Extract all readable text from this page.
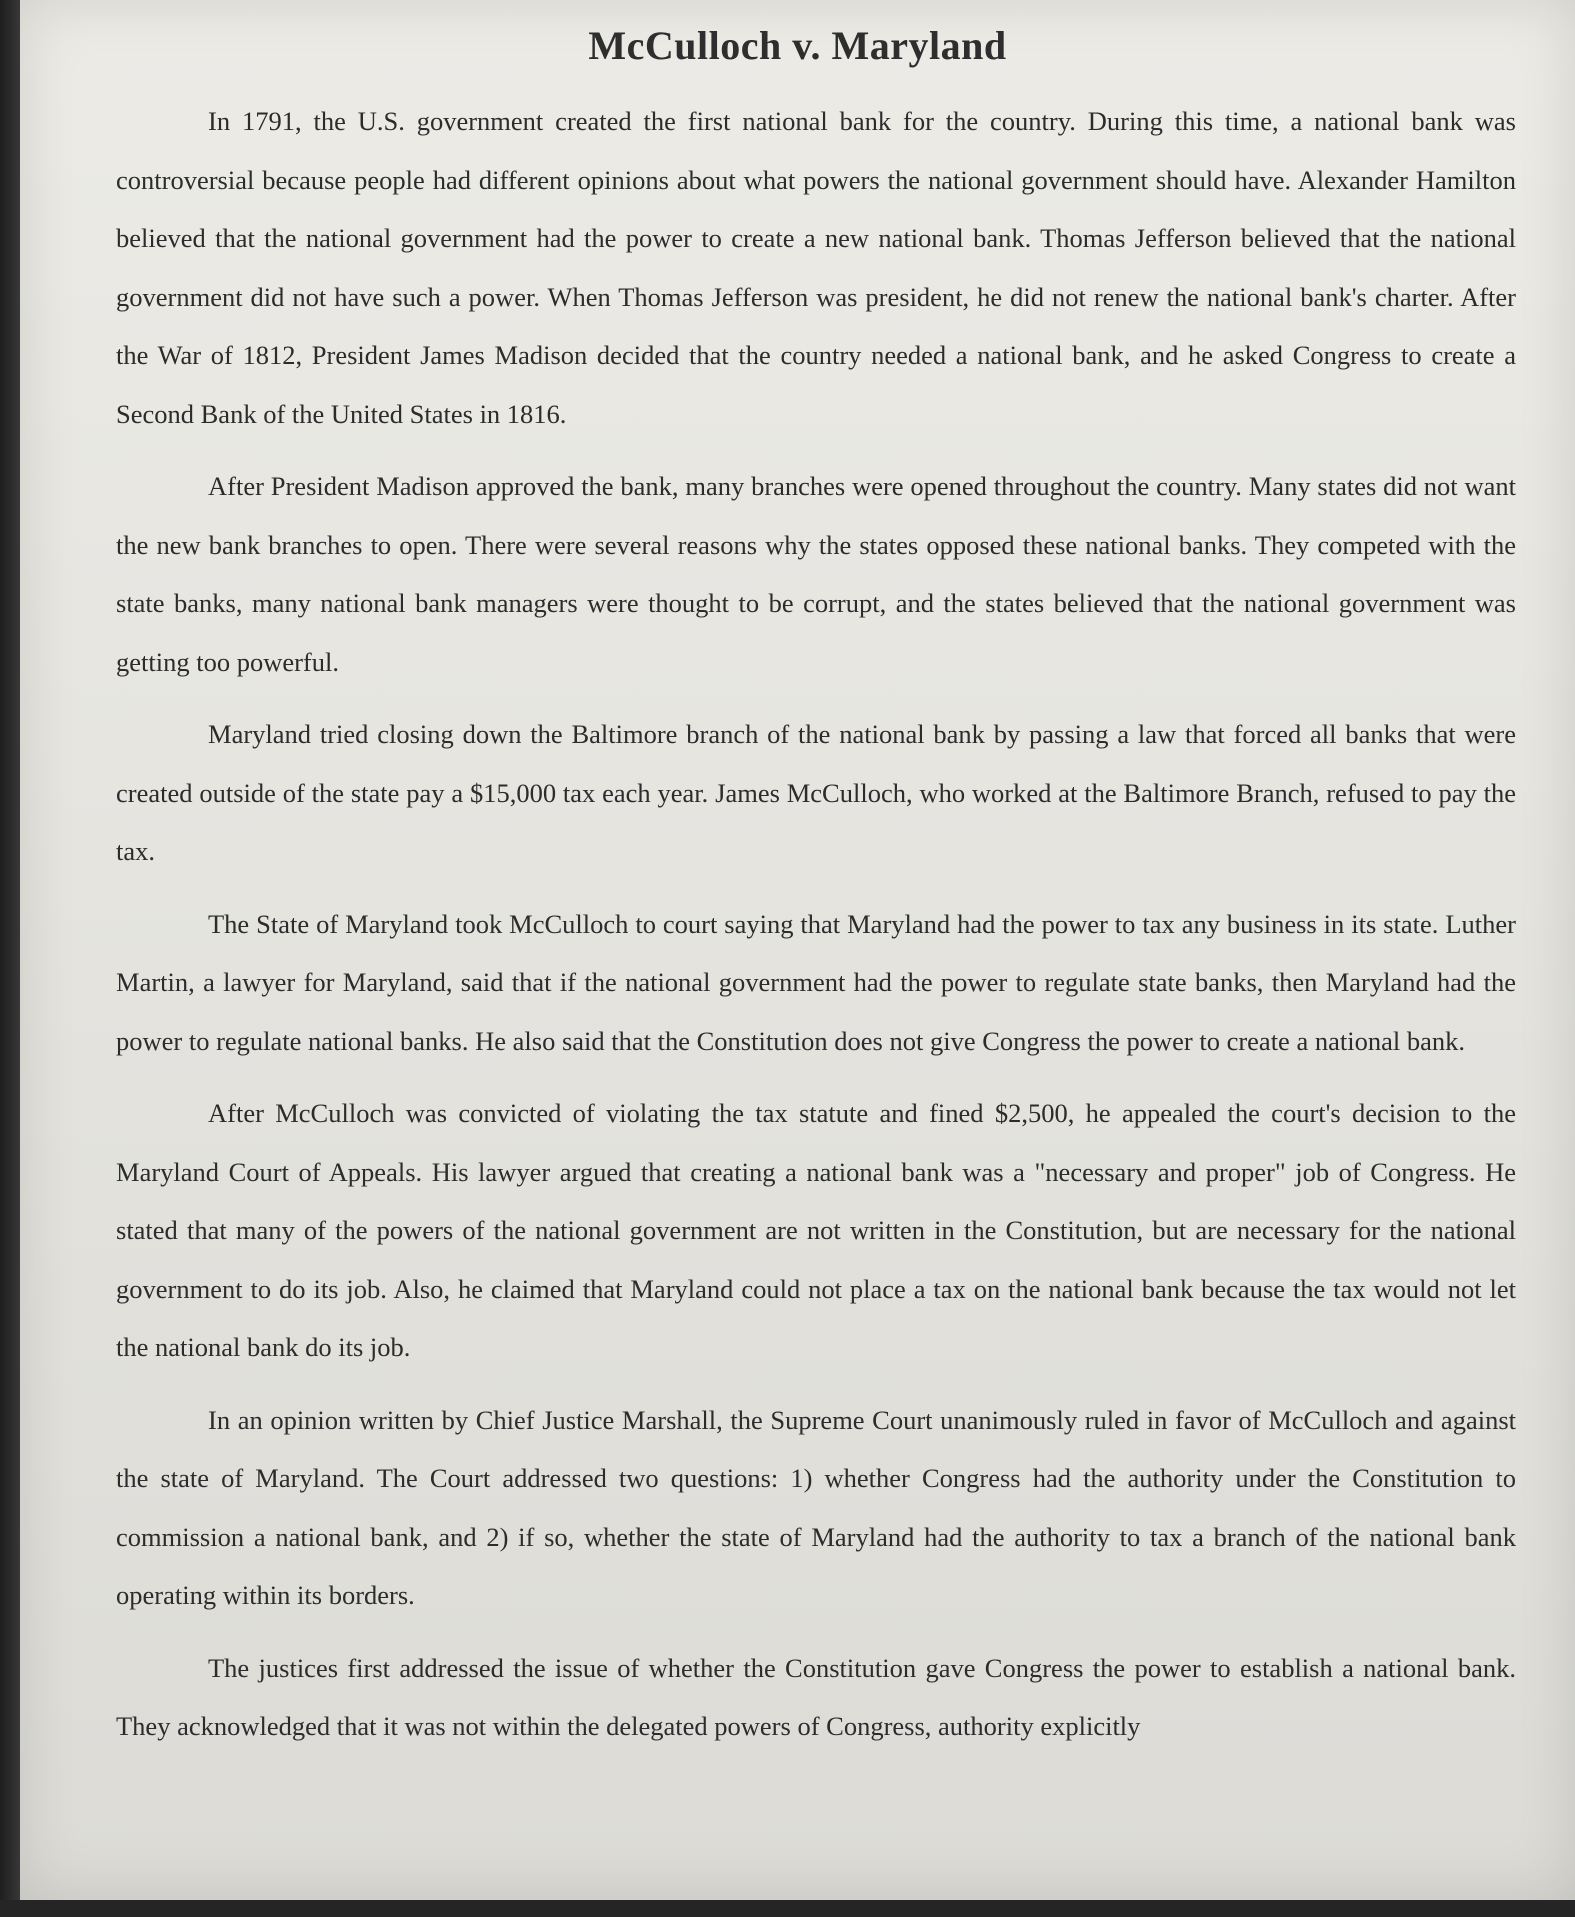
McCulloch v. Maryland

In 1791, the U.S. government created the first national bank for the country. During this time, a national bank was controversial because people had different opinions about what powers the national government should have. Alexander Hamilton believed that the national government had the power to create a new national bank. Thomas Jefferson believed that the national government did not have such a power. When Thomas Jefferson was president, he did not renew the national bank's charter. After the War of 1812, President James Madison decided that the country needed a national bank, and he asked Congress to create a Second Bank of the United States in 1816.

After President Madison approved the bank, many branches were opened throughout the country. Many states did not want the new bank branches to open. There were several reasons why the states opposed these national banks. They competed with the state banks, many national bank managers were thought to be corrupt, and the states believed that the national government was getting too powerful.

Maryland tried closing down the Baltimore branch of the national bank by passing a law that forced all banks that were created outside of the state pay a $15,000 tax each year. James McCulloch, who worked at the Baltimore Branch, refused to pay the tax.

The State of Maryland took McCulloch to court saying that Maryland had the power to tax any business in its state. Luther Martin, a lawyer for Maryland, said that if the national government had the power to regulate state banks, then Maryland had the power to regulate national banks. He also said that the Constitution does not give Congress the power to create a national bank.

After McCulloch was convicted of violating the tax statute and fined $2,500, he appealed the court's decision to the Maryland Court of Appeals. His lawyer argued that creating a national bank was a "necessary and proper" job of Congress. He stated that many of the powers of the national government are not written in the Constitution, but are necessary for the national government to do its job. Also, he claimed that Maryland could not place a tax on the national bank because the tax would not let the national bank do its job.

In an opinion written by Chief Justice Marshall, the Supreme Court unanimously ruled in favor of McCulloch and against the state of Maryland. The Court addressed two questions: 1) whether Congress had the authority under the Constitution to commission a national bank, and 2) if so, whether the state of Maryland had the authority to tax a branch of the national bank operating within its borders.

The justices first addressed the issue of whether the Constitution gave Congress the power to establish a national bank. They acknowledged that it was not within the delegated powers of Congress, authority explicitly
